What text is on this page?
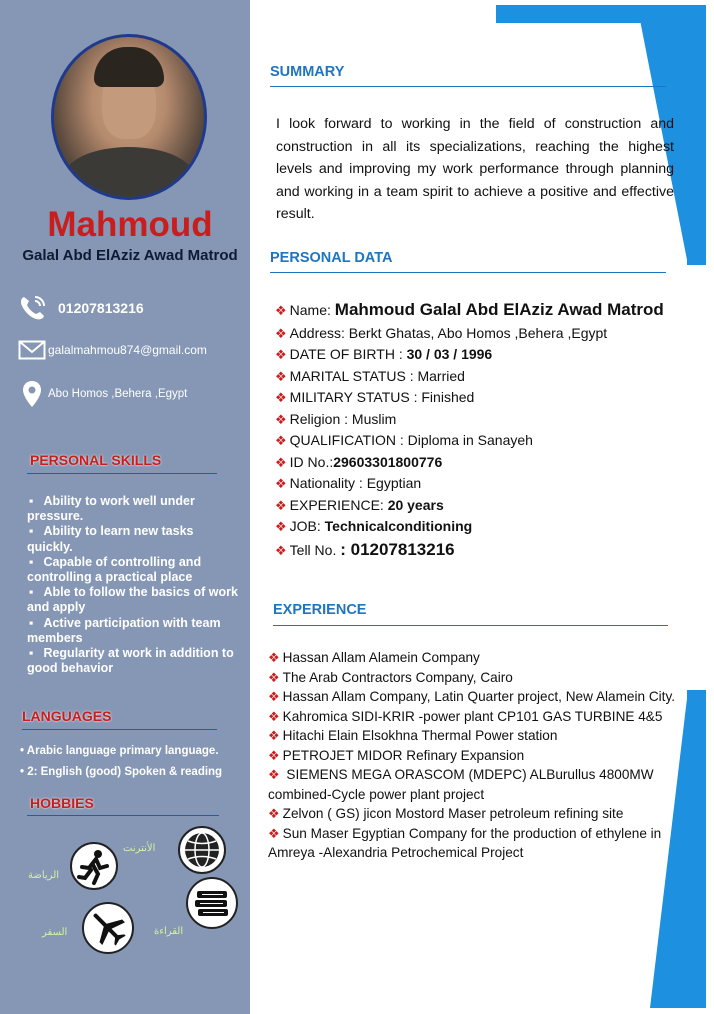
Mahmoud
Galal Abd ElAziz Awad Matrod
01207813216
galalmahmou874@gmail.com
Abo Homos ,Behera ,Egypt
PERSONAL SKILLS
▪ Ability to work well under pressure.
▪ Ability to learn new tasks quickly.
▪ Capable of controlling and controlling a practical place
▪ Able to follow the basics of work and apply
▪ Active participation with team members
▪ Regularity at work in addition to good behavior
LANGUAGES
• Arabic language primary language.
• 2: English (good) Spoken & reading
HOBBIES
الأنترنت
الرياضة
القراءة
السفر
SUMMARY
I look forward to working in the field of construction and construction in all its specializations, reaching the highest levels and improving my work performance through planning and working in a team spirit to achieve a positive and effective result.
PERSONAL DATA
❖ Name: Mahmoud Galal Abd ElAziz Awad Matrod
❖ Address: Berkt Ghatas, Abo Homos ,Behera ,Egypt
❖ DATE OF BIRTH : 30 / 03 / 1996
❖ MARITAL STATUS : Married
❖ MILITARY STATUS : Finished
❖ Religion : Muslim
❖ QUALIFICATION : Diploma in Sanayeh
❖ ID No.:29603301800776
❖ Nationality : Egyptian
❖ EXPERIENCE: 20 years
❖ JOB: Technicalconditioning
❖ Tell No. : 01207813216
EXPERIENCE
❖ Hassan Allam Alamein Company
❖ The Arab Contractors Company, Cairo
❖ Hassan Allam Company, Latin Quarter project, New Alamein City.
❖ Kahromica SIDI-KRIR -power plant CP101 GAS TURBINE 4&5
❖ Hitachi Elain Elsokhna Thermal Power station
❖ PETROJET MIDOR Refinary Expansion
❖ SIEMENS MEGA ORASCOM (MDEPC) ALBurullus 4800MW combined-Cycle power plant project
❖ Zelvon ( GS) jicon Mostord Maser petroleum refining site
❖ Sun Maser Egyptian Company for the production of ethylene in Amreya -Alexandria Petrochemical Project
